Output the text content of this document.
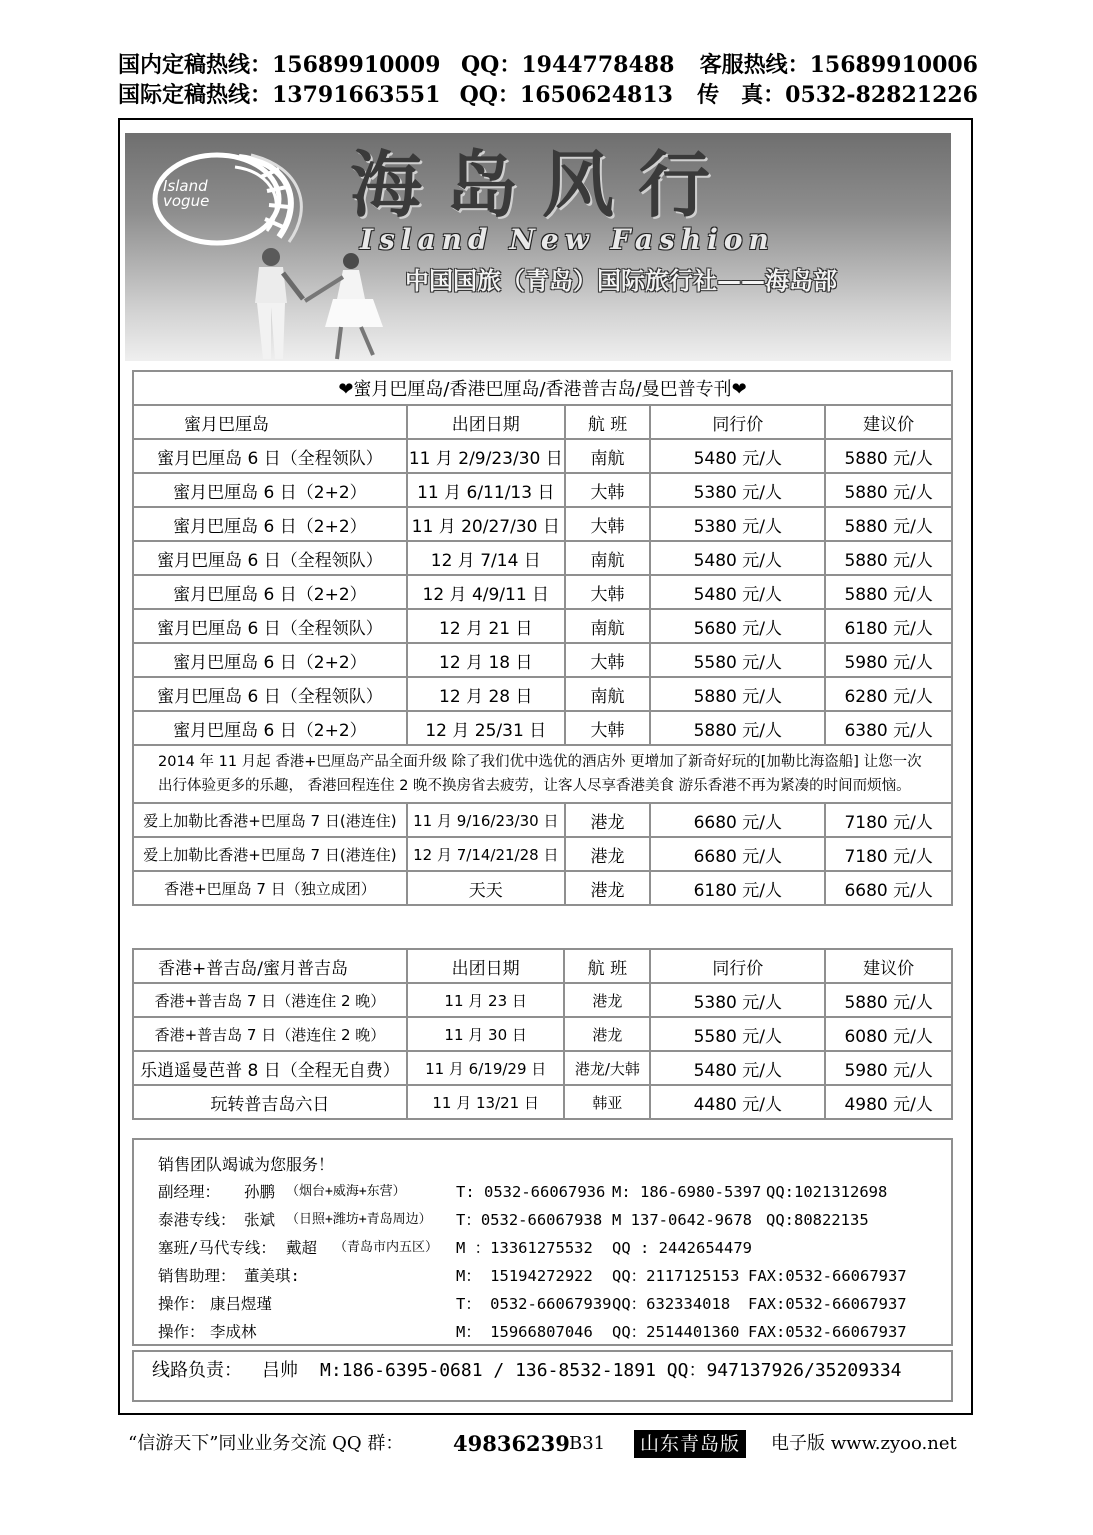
国内定稿热线：15689910009 QQ：1944778488	客服热线：15689910006
国际定稿热线：13791663551 QQ：1650624813	传　真：0532-82821226
Island
vogue 海岛风行
Island New Fashion
中国国旅（青岛）国际旅行社——海岛部
❤蜜月巴厘岛/香港巴厘岛/香港普吉岛/曼巴普专刊❤				
蜜月巴厘岛	出团日期	航 班	同行价	建议价
蜜月巴厘岛 6 日（全程领队）	11 月 2/9/23/30 日	南航	5480 元/人	5880 元/人
蜜月巴厘岛 6 日（2+2）	11 月 6/11/13 日	大韩	5380 元/人	5880 元/人
蜜月巴厘岛 6 日（2+2）	11 月 20/27/30 日	大韩	5380 元/人	5880 元/人
蜜月巴厘岛 6 日（全程领队）	12 月 7/14 日	南航	5480 元/人	5880 元/人
蜜月巴厘岛 6 日（2+2）	12 月 4/9/11 日	大韩	5480 元/人	5880 元/人
蜜月巴厘岛 6 日（全程领队）	12 月 21 日	南航	5680 元/人	6180 元/人
蜜月巴厘岛 6 日（2+2）	12 月 18 日	大韩	5580 元/人	5980 元/人
蜜月巴厘岛 6 日（全程领队）	12 月 28 日	南航	5880 元/人	6280 元/人
蜜月巴厘岛 6 日（2+2）	12 月 25/31 日	大韩	5880 元/人	6380 元/人

2014 年 11 月起 香港+巴厘岛产品全面升级 除了我们优中选优的酒店外 更增加了新奇好玩的[加勒比海盗船] 让您一次
出行体验更多的乐趣， 香港回程连住 2 晚不换房省去疲劳，让客人尽享香港美食 游乐香港不再为紧凑的时间而烦恼。				

爱上加勒比香港+巴厘岛 7 日(港连住)	11 月 9/16/23/30 日	港龙	6680 元/人	7180 元/人
爱上加勒比香港+巴厘岛 7 日(港连住)	12 月 7/14/21/28 日	港龙	6680 元/人	7180 元/人
香港+巴厘岛 7 日（独立成团）	天天	港龙	6180 元/人	6680 元/人
香港+普吉岛/蜜月普吉岛	出团日期	航 班	同行价	建议价
香港+普吉岛 7 日（港连住 2 晚）	11 月 23 日	港龙	5380 元/人	5880 元/人
香港+普吉岛 7 日（港连住 2 晚）	11 月 30 日	港龙	5580 元/人	6080 元/人
乐逍遥曼芭普 8 日（全程无自费）	11 月 6/19/29 日	港龙/大韩	5480 元/人	5980 元/人
玩转普吉岛六日	11 月 13/21 日	韩亚	4480 元/人	4980 元/人
销售团队竭诚为您服务！
副经理： 孙鹏 （烟台+威海+东营）	T: 0532-66067936 M: 186-6980-5397 QQ:1021312698
泰港专线： 张斌 （日照+潍坊+青岛周边） T：0532-66067938 M 137-0642-9678 QQ:80822135
塞班/马代专线： 戴超 （青岛市内五区） M ：13361275532 QQ : 2442654479
销售助理： 董美琪:	M： 15194272922 QQ：2117125153 FAX:0532-66067937
操作： 康吕煜瑾	T： 0532-66067939 QQ：632334018 FAX:0532-66067937
操作： 李成林	M： 15966807046 QQ：2514401360 FAX:0532-66067937
线路负责： 吕帅 M:186-6395-0681 / 136-8532-1891 QQ：947137926/35209334
“信游天下”同业业务交流 QQ 群： 49836239 B31	山东青岛版	电子版 www.zyoo.net
